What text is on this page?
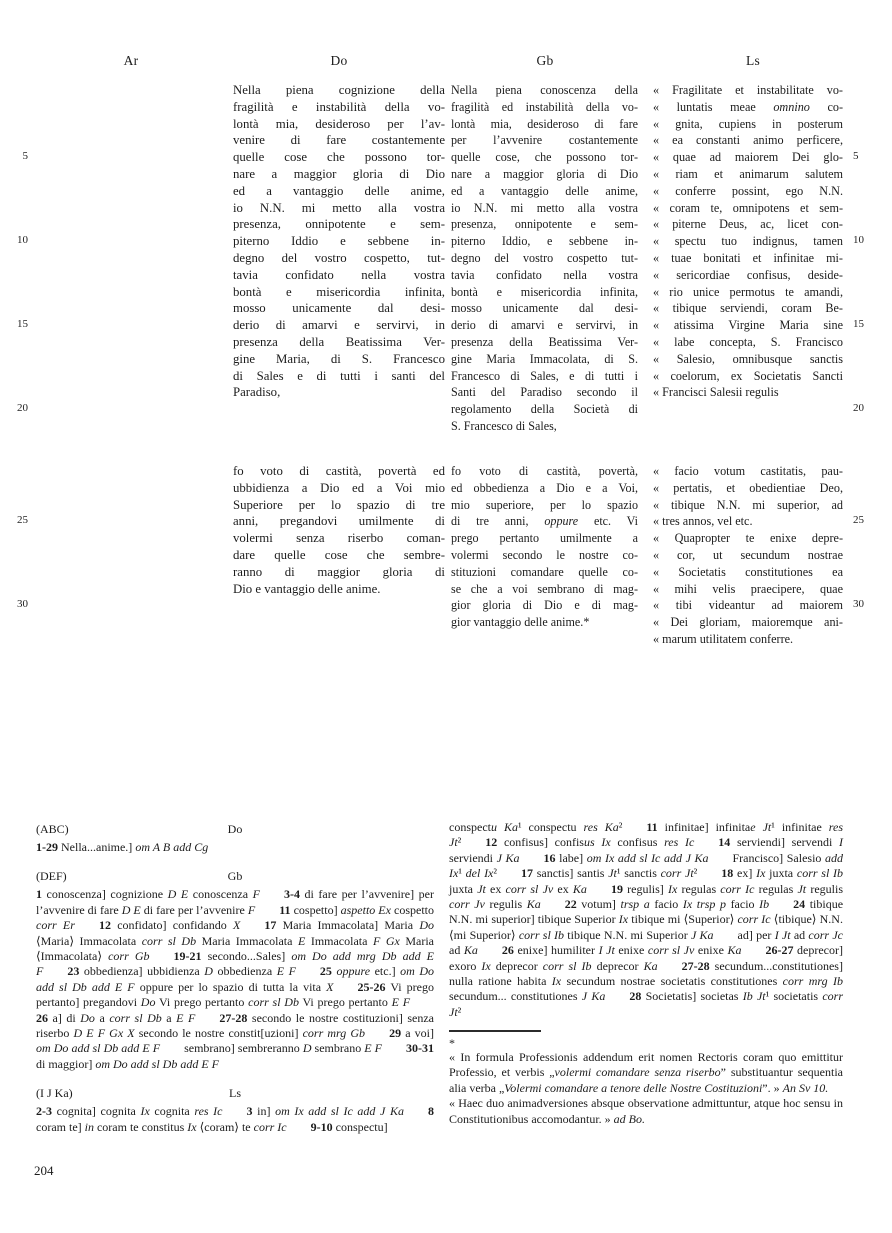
Ar	Do	Gb	Ls
5
10
15
20
25
30
5
10
15
20
25
30
Nella piena cognizione della
fragilità e instabilità della vo-
lontà mia, desideroso per l’av-
venire di fare costantemente
quelle cose che possono tor-
nare a maggior gloria di Dio
ed a vantaggio delle anime,
io N.N. mi metto alla vostra
presenza, onnipotente e sem-
piterno Iddio e sebbene in-
degno del vostro cospetto, tut-
tavia confidato nella vostra
bontà e misericordia infinita,
mosso unicamente dal desi-
derio di amarvi e servirvi, in
presenza della Beatissima Ver-
gine Maria, di S. Francesco
di Sales e di tutti i santi del
Paradiso,
fo voto di castità, povertà ed
ubbidienza a Dio ed a Voi mio
Superiore per lo spazio di tre
anni, pregandovi umilmente di
volermi senza riserbo coman-
dare quelle cose che sembre-
ranno di maggior gloria di
Dio e vantaggio delle anime.
Nella piena conoscenza della
fragilità ed instabilità della vo-
lontà mia, desideroso di fare
per l’avvenire costantemente
quelle cose, che possono tor-
nare a maggior gloria di Dio
ed a vantaggio delle anime,
io N.N. mi metto alla vostra
presenza, onnipotente e sem-
piterno Iddio, e sebbene in-
degno del vostro cospetto tut-
tavia confidato nella vostra
bontà e misericordia infinita,
mosso unicamente dal desi-
derio di amarvi e servirvi, in
presenza della Beatissima Ver-
gine Maria Immacolata, di S.
Francesco di Sales, e di tutti i
Santi del Paradiso secondo il
regolamento della Società di
S. Francesco di Sales,
fo voto di castità, povertà,
ed obbedienza a Dio e a Voi,
mio superiore, per lo spazio
di tre anni, oppure etc. Vi
prego pertanto umilmente a
volermi secondo le nostre co-
stituzioni comandare quelle co-
se che a voi sembrano di mag-
gior gloria di Dio e di mag-
gior vantaggio delle anime.*
« Fragilitate et instabilitate vo-
« luntatis meae omnino co-
« gnita, cupiens in posterum
« ea constanti animo perficere,
« quae ad maiorem Dei glo-
« riam et animarum salutem
« conferre possint, ego N.N.
« coram te, omnipotens et sem-
« piterne Deus, ac, licet con-
« spectu tuo indignus, tamen
« tuae bonitati et infinitae mi-
« sericordiae confisus, deside-
« rio unice permotus te amandi,
« tibique serviendi, coram Be-
« atissima Virgine Maria sine
« labe concepta, S. Francisco
« Salesio, omnibusque sanctis
« coelorum, ex Societatis Sancti
« Francisci Salesii regulis
« facio votum castitatis, pau-
« pertatis, et obedientiae Deo,
« tibique N.N. mi superior, ad
« tres annos, vel etc.
« Quapropter te enixe depre-
« cor, ut secundum nostrae
« Societatis constitutiones ea
« mihi velis praecipere, quae
« tibi videantur ad maiorem
« Dei gloriam, maioremque ani-
« marum utilitatem conferre.
(ABC)	Do
1-29 Nella...anime.] om A B add Cg
(DEF)	Gb
1 conoscenza] cognizione D E conoscenza F   3-4 di fare per l’avvenire] per l’avvenire di fare D E di fare per l’avvenire F   11 cospetto] aspetto Ex cospetto corr Er   12 confidato] confidando X   17 Maria Immacolata] Maria Do ⟨Maria⟩ Immacolata corr sl Db Maria Immacolata E Immacolata F Gx Maria ⟨Immacolata⟩ corr Gb   19-21 secondo...Sales] om Do add mrg Db add E F   23 obbedienza] ubbidienza D obbedienza E F   25 oppure etc.] om Do add sl Db add E F oppure per lo spazio di tutta la vita X   25-26 Vi prego pertanto] pregandovi Do Vi prego pertanto corr sl Db Vi prego pertanto E F  26 a] di Do a corr sl Db a E F   27-28 secondo le nostre costituzioni] senza riserbo D E F Gx X secondo le nostre constit[uzioni] corr mrg Gb   29 a voi] om Do add sl Db add E F  sembrano] sembreranno D sembrano E F   30-31 di maggior] om Do add sl Db add E F
(I J Ka)	Ls
2-3 cognita] cognita Ix cognita res Ic   3 in] om Ix add sl Ic add J Ka   8 coram te] in coram te constitus Ix ⟨coram⟩ te corr Ic   9-10 conspectu]
conspectu Ka¹ conspectu res Ka²  11 infinitae] infinitae Jt¹ infinitae res Jt²  12 confisus] confisus Ix confisus res Ic   14 serviendi] servendi I serviendi J Ka   16 labe] om Ix add sl Ic add J Ka  Francisco] Salesio add Ix¹ del Ix²  17 sanctis] santis Jt¹ sanctis corr Jt²  18 ex] Ix juxta corr sl Ib juxta Jt ex corr sl Jv ex Ka   19 regulis] Ix regulas corr Ic regulas Jt regulis corr Jv regulis Ka   22 votum] trsp a facio Ix trsp p facio Ib   24 tibique N.N. mi superior] tibique Superior Ix tibique mi ⟨Superior⟩ corr Ic ⟨tibique⟩ N.N. ⟨mi Superior⟩ corr sl Ib tibique N.N. mi Superior J Ka  ad] per I Jt ad corr Jc ad Ka   26 enixe] humiliter I Jt enixe corr sl Jv enixe Ka   26-27 deprecor] exoro Ix deprecor corr sl Ib deprecor Ka   27-28 secundum...constitutiones] nulla ratione habita Ix secundum nostrae societatis constitutiones corr mrg Ib secundum... constitutiones J Ka   28 Societatis] societas Ib Jt¹ societatis corr Jt²
*
« In formula Professionis addendum erit nomen Rectoris coram quo emittitur Professio, et verbis „volermi comandare senza riserbo” substituantur sequentia alia verba „Volermi comandare a tenore delle Nostre Costituzioni”. » An Sv 10.
« Haec duo animadversiones absque observatione admittuntur, atque hoc sensu in Constitutionibus accomodantur. » ad Bo.
204
